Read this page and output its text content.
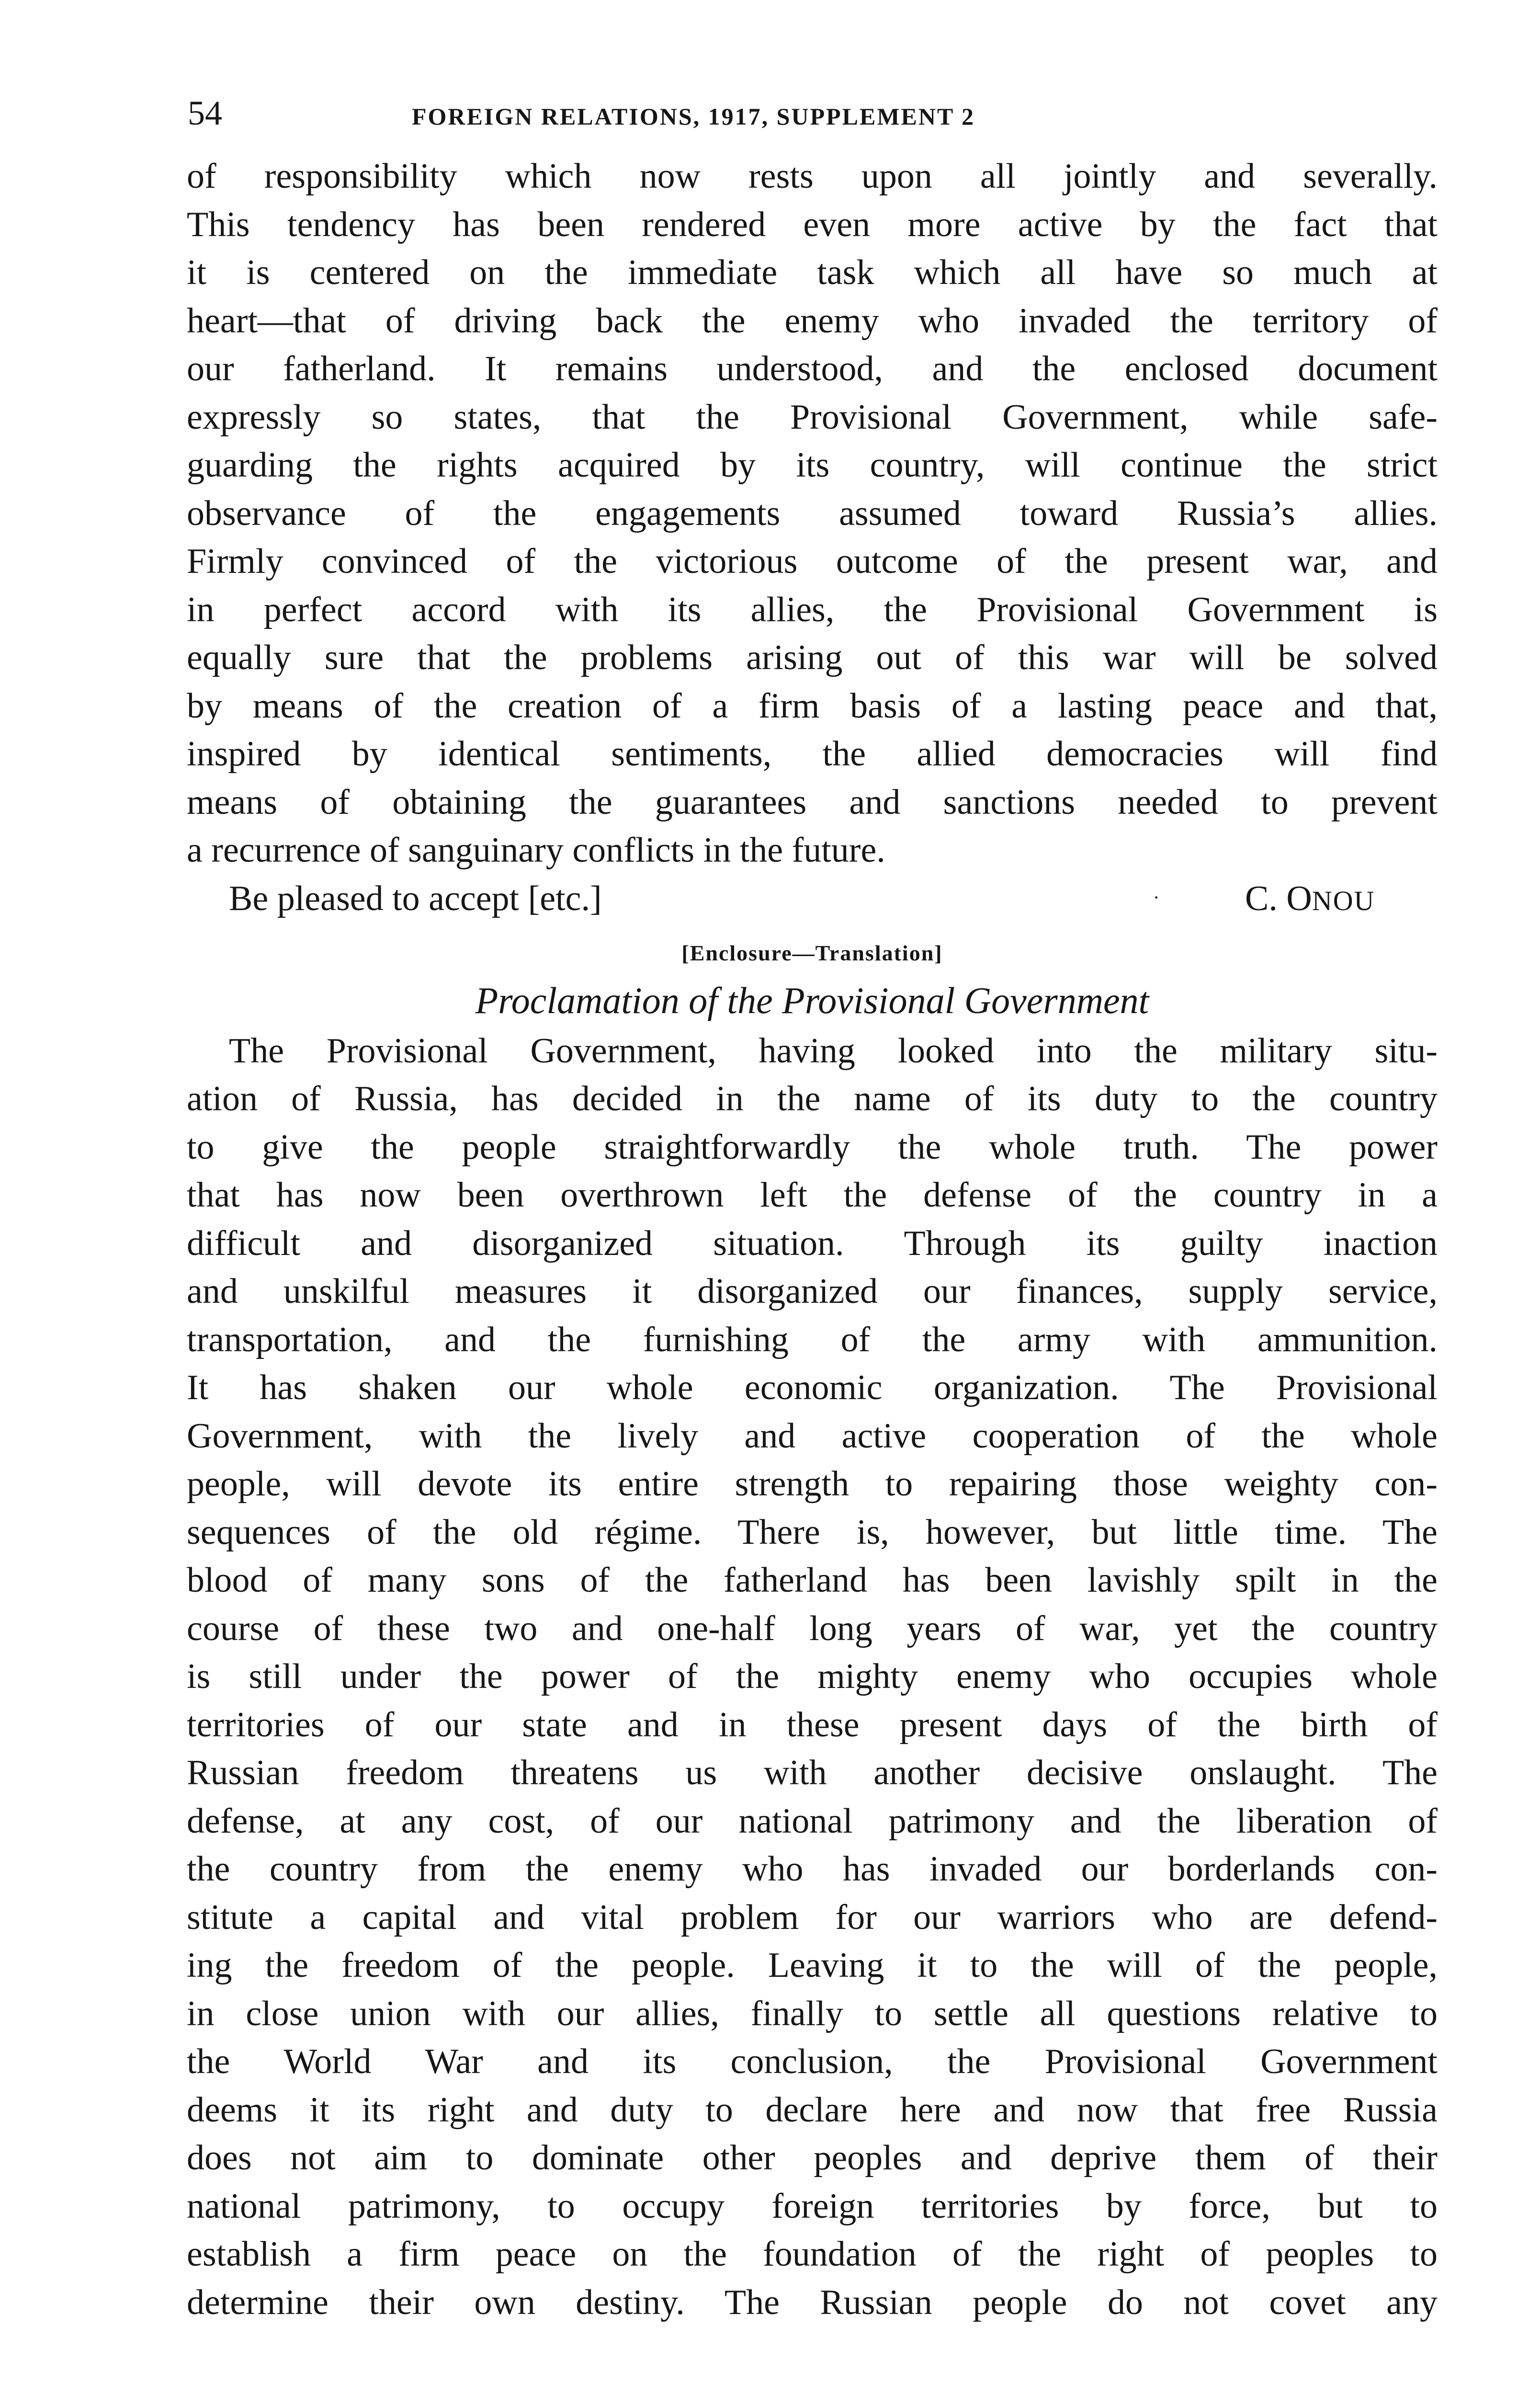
54	FOREIGN RELATIONS, 1917, SUPPLEMENT 2
of responsibility which now rests upon all jointly and severally.
This tendency has been rendered even more active by the fact that
it is centered on the immediate task which all have so much at
heart—that of driving back the enemy who invaded the territory of
our fatherland. It remains understood, and the enclosed document
expressly so states, that the Provisional Government, while safe-
guarding the rights acquired by its country, will continue the strict
observance of the engagements assumed toward Russia’s allies.
Firmly convinced of the victorious outcome of the present war, and
in perfect accord with its allies, the Provisional Government is
equally sure that the problems arising out of this war will be solved
by means of the creation of a firm basis of a lasting peace and that,
inspired by identical sentiments, the allied democracies will find
means of obtaining the guarantees and sanctions needed to prevent
a recurrence of sanguinary conflicts in the future.
Be pleased to accept [etc.]	· C. ONOU
[Enclosure—Translation]
Proclamation of the Provisional Government
The Provisional Government, having looked into the military situ-
ation of Russia, has decided in the name of its duty to the country
to give the people straightforwardly the whole truth. The power
that has now been overthrown left the defense of the country in a
difficult and disorganized situation. Through its guilty inaction
and unskilful measures it disorganized our finances, supply service,
transportation, and the furnishing of the army with ammunition.
It has shaken our whole economic organization. The Provisional
Government, with the lively and active cooperation of the whole
people, will devote its entire strength to repairing those weighty con-
sequences of the old régime. There is, however, but little time. The
blood of many sons of the fatherland has been lavishly spilt in the
course of these two and one-half long years of war, yet the country
is still under the power of the mighty enemy who occupies whole
territories of our state and in these present days of the birth of
Russian freedom threatens us with another decisive onslaught. The
defense, at any cost, of our national patrimony and the liberation of
the country from the enemy who has invaded our borderlands con-
stitute a capital and vital problem for our warriors who are defend-
ing the freedom of the people. Leaving it to the will of the people,
in close union with our allies, finally to settle all questions relative to
the World War and its conclusion, the Provisional Government
deems it its right and duty to declare here and now that free Russia
does not aim to dominate other peoples and deprive them of their
national patrimony, to occupy foreign territories by force, but to
establish a firm peace on the foundation of the right of peoples to
determine their own destiny. The Russian people do not covet any
